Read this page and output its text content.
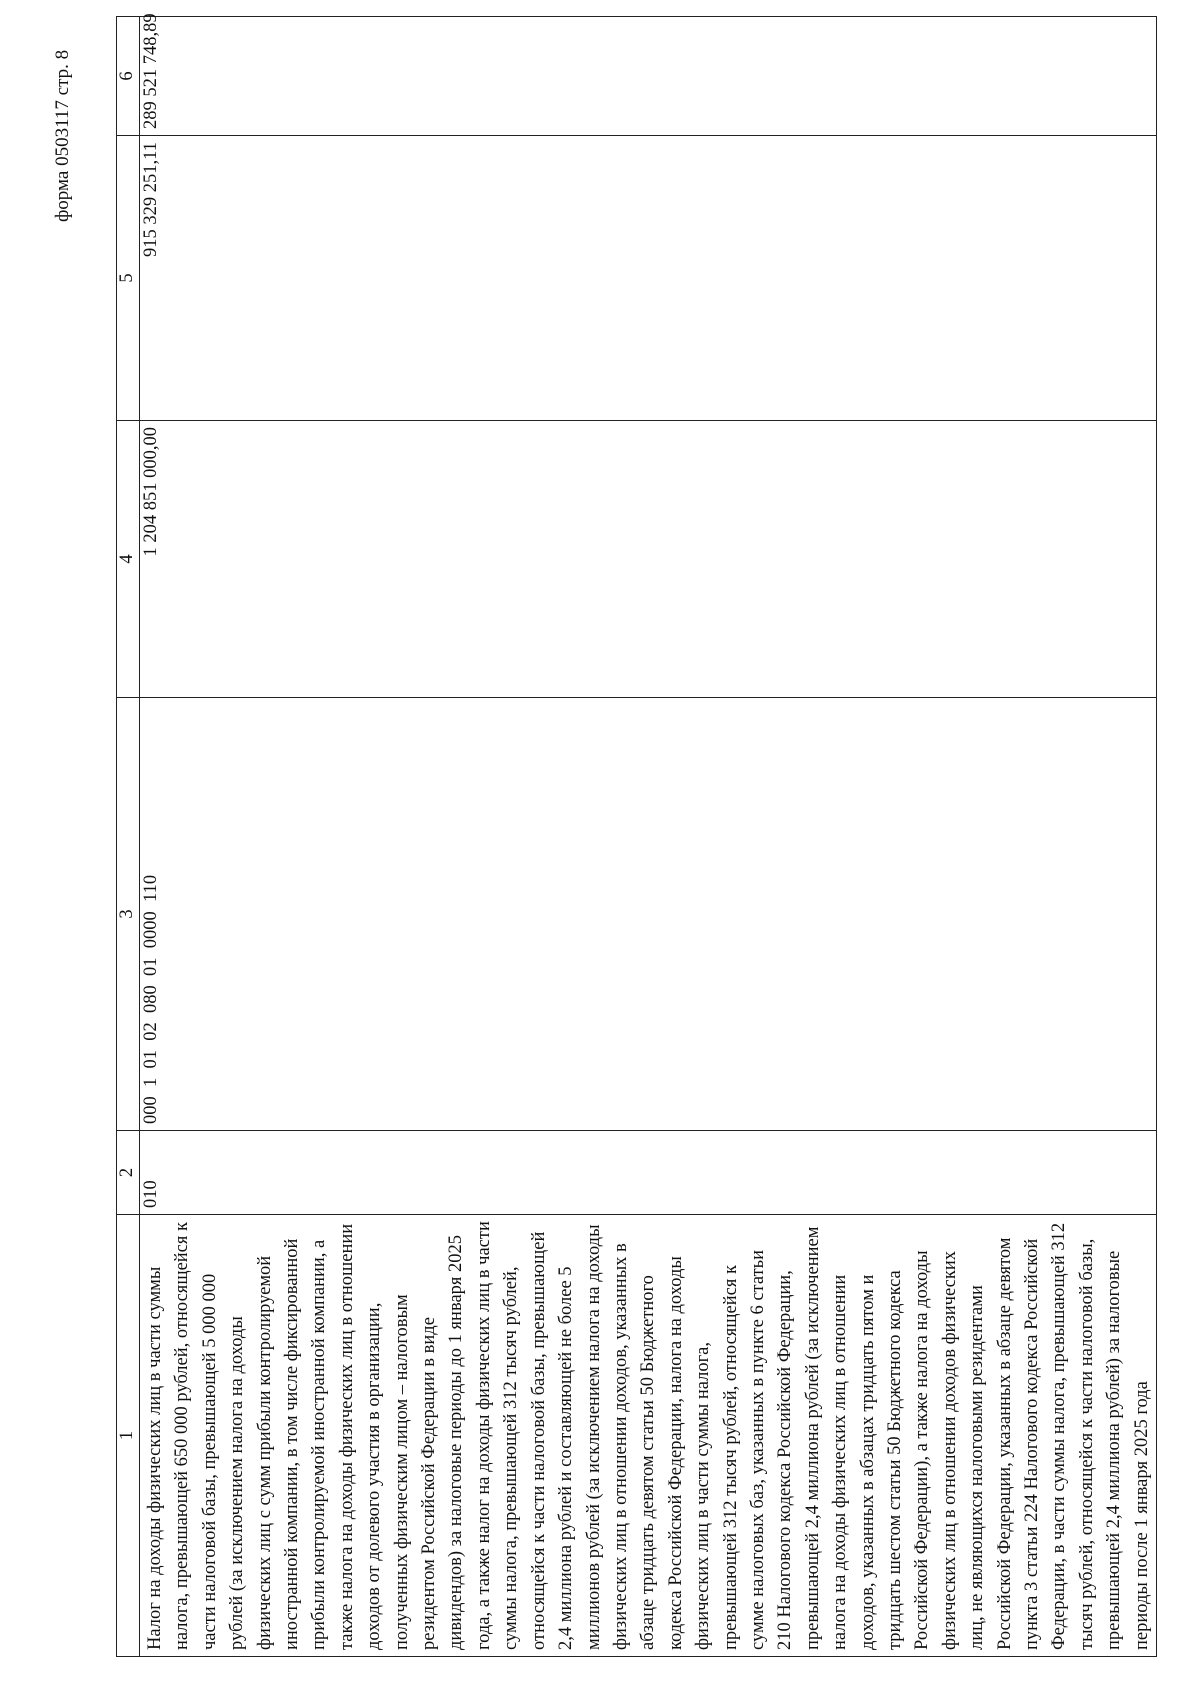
форма 0503117 стр. 8
1	2	3	4	5	6
Налог на доходы физических лиц в части суммы налога, превышающей 650 000 рублей, относящейся к части налоговой базы, превышающей 5 000 000 рублей (за исключением налога на доходы физических лиц с сумм прибыли контролируемой иностранной компании, в том числе фиксированной прибыли контролируемой иностранной компании, а также налога на доходы физических лиц в отношении доходов от долевого участия в организации, полученных физическим лицом – налоговым резидентом Российской Федерации в виде дивидендов) за налоговые периоды до 1 января 2025 года, а также налог на доходы физических лиц в части суммы налога, превышающей 312 тысяч рублей, относящейся к части налоговой базы, превышающей 2,4 миллиона рублей и составляющей не более 5 миллионов рублей (за исключением налога на доходы физических лиц в отношении доходов, указанных в абзаце тридцать девятом статьи 50 Бюджетного кодекса Российской Федерации, налога на доходы физических лиц в части суммы налога, превышающей 312 тысяч рублей, относящейся к сумме налоговых баз, указанных в пункте 6 статьи 210 Налогового кодекса Российской Федерации, превышающей 2,4 миллиона рублей (за исключением налога на доходы физических лиц в отношении доходов, указанных в абзацах тридцать пятом и тридцать шестом статьи 50 Бюджетного кодекса Российской Федерации), а также налога на доходы физических лиц в отношении доходов физических лиц, не являющихся налоговыми резидентами Российской Федерации, указанных в абзаце девятом пункта 3 статьи 224 Налогового кодекса Российской Федерации, в части суммы налога, превышающей 312 тысяч рублей, относящейся к части налоговой базы, превышающей 2,4 миллиона рублей) за налоговые периоды после 1 января 2025 года	010	000  1  01  02  080  01  0000  110	1 204 851 000,00	915 329 251,11	289 521 748,89
